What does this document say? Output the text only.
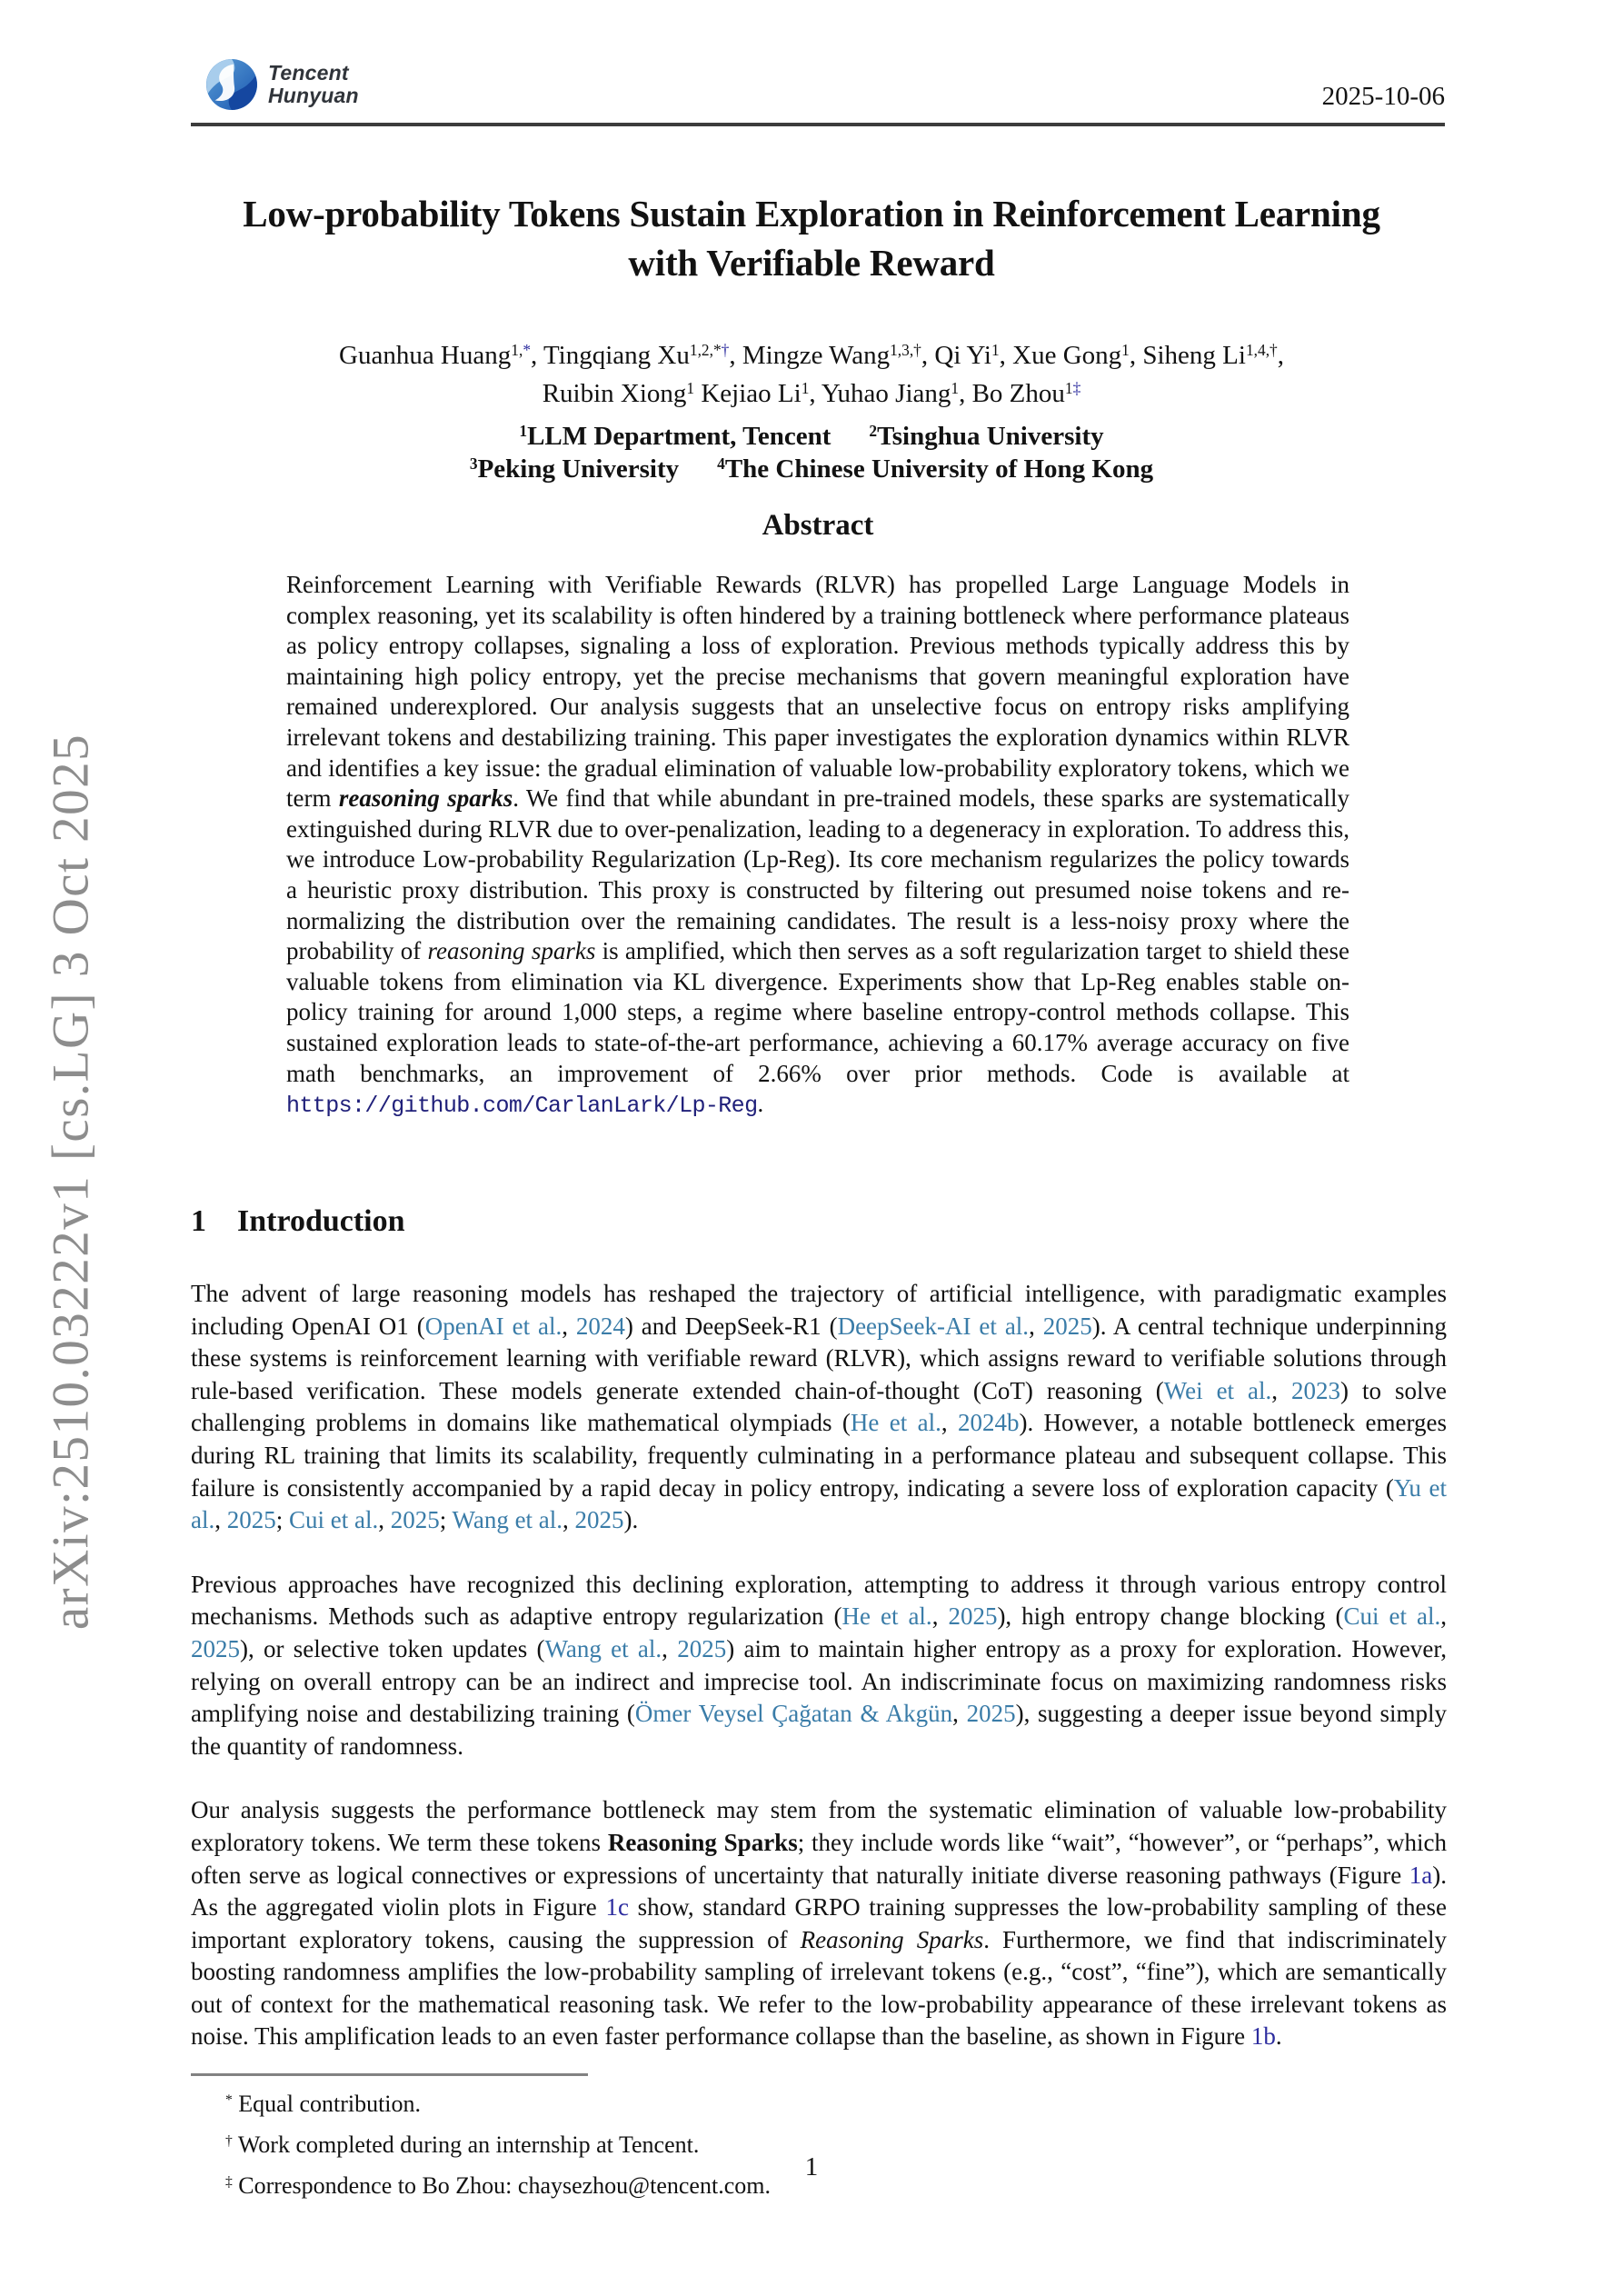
Tencent
Hunyuan	2025-10-06
Low-probability Tokens Sustain Exploration in Reinforcement Learning
with Verifiable Reward
Guanhua Huang$^{1,*}$, Tingqiang $Xu^{1,2,*\dagger}$, Mingze Wang$^{1,3,\dagger}$, Qi Yi$^1$, Xue Gong$^1$, Siheng $Li^{1,4,\dagger}$,
Ruibin Xiong$^1$ Kejiao Li$^1$, Yuhao Jiang$^1$, Bo Zhou$^{1\ddagger}$
$^1$LLM Department, Tencent $^2$Tsinghua University
$^3$Peking University $^4$The Chinese University of Hong Kong
Abstract

Reinforcement Learning with Verifiable Rewards (RLVR) has propelled Large Language Models in complex reasoning, yet its scalability is often hindered by a training bottleneck where performance plateaus as policy entropy collapses, signaling a loss of exploration. Previous methods typically address this by maintaining high policy entropy, yet the precise mechanisms that govern meaningful exploration have remained underexplored. Our analysis suggests that an unselective focus on entropy risks amplifying irrelevant tokens and destabilizing training. This paper investigates the exploration dynamics within RLVR and identifies a key issue: the gradual elimination of valuable low-probability exploratory tokens, which we term reasoning sparks. We find that while abundant in pre-trained models, these sparks are systematically extinguished during RLVR due to over-penalization, leading to a degeneracy in exploration. To address this, we introduce Low-probability Regularization (Lp-Reg). Its core mechanism regularizes the policy towards a heuristic proxy distribution. This proxy is constructed by filtering out presumed noise tokens and re-normalizing the distribution over the remaining candidates. The result is a less-noisy proxy where the probability of reasoning sparks is amplified, which then serves as a soft regularization target to shield these valuable tokens from elimination via KL divergence. Experiments show that Lp-Reg enables stable on-policy training for around 1,000 steps, a regime where baseline entropy-control methods collapse. This sustained exploration leads to state-of-the-art performance, achieving a 60.17% average accuracy on five math benchmarks, an improvement of 2.66% over prior methods. Code is available at https://github.com/CarlanLark/Lp-Reg.

1 Introduction

The advent of large reasoning models has reshaped the trajectory of artificial intelligence, with paradigmatic examples including OpenAI O1 (OpenAI et al., 2024) and DeepSeek-R1 (DeepSeek-AI et al., 2025). A central technique underpinning these systems is reinforcement learning with verifiable reward (RLVR), which assigns reward to verifiable solutions through rule-based verification. These models generate extended chain-of-thought (CoT) reasoning (Wei et al., 2023) to solve challenging problems in domains like mathematical olympiads (He et al., 2024b). However, a notable bottleneck emerges during RL training that limits its scalability, frequently culminating in a performance plateau and subsequent collapse. This failure is consistently accompanied by a rapid decay in policy entropy, indicating a severe loss of exploration capacity (Yu et al., 2025; Cui et al., 2025; Wang et al., 2025).

Previous approaches have recognized this declining exploration, attempting to address it through various entropy control mechanisms. Methods such as adaptive entropy regularization (He et al., 2025), high entropy change blocking (Cui et al., 2025), or selective token updates (Wang et al., 2025) aim to maintain higher entropy as a proxy for exploration. However, relying on overall entropy can be an indirect and imprecise tool. An indiscriminate focus on maximizing randomness risks amplifying noise and destabilizing training (Ömer Veysel Çağatan & Akgün, 2025), suggesting a deeper issue beyond simply the quantity of randomness.

Our analysis suggests the performance bottleneck may stem from the systematic elimination of valuable low-probability exploratory tokens. We term these tokens Reasoning Sparks; they include words like “wait”, “however”, or “perhaps”, which often serve as logical connectives or expressions of uncertainty that naturally initiate diverse reasoning pathways (Figure 1a). As the aggregated violin plots in Figure 1c show, standard GRPO training suppresses the low-probability sampling of these important exploratory tokens, causing the suppression of Reasoning Sparks. Furthermore, we find that indiscriminately boosting randomness amplifies the low-probability sampling of irrelevant tokens (e.g., “cost”, “fine”), which are semantically out of context for the mathematical reasoning task. We refer to the low-probability appearance of these irrelevant tokens as noise. This amplification leads to an even faster performance collapse than the baseline, as shown in Figure 1b.

* Equal contribution.
† Work completed during an internship at Tencent.
‡ Correspondence to Bo Zhou: chaysezhou@tencent.com.
1
arXiv:2510.03222v1 [cs.LG] 3 Oct 2025
